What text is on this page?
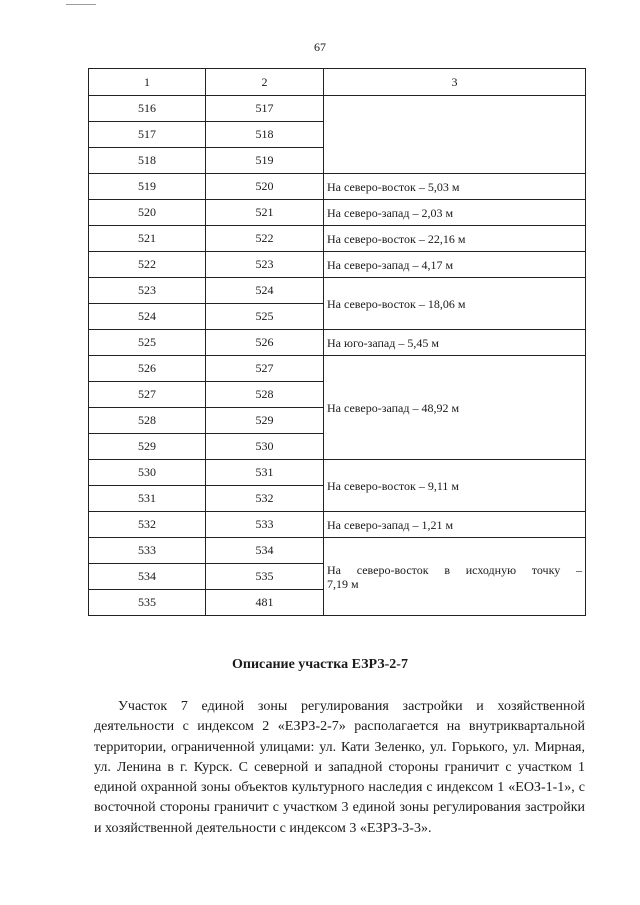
67
1	2	3
516	517	
517	518	
518	519	
519	520	На северо-восток – 5,03 м
520	521	На северо-запад – 2,03 м
521	522	На северо-восток – 22,16 м
522	523	На северо-запад – 4,17 м
523	524	На северо-восток – 18,06 м
524	525	
525	526	На юго-запад – 5,45 м
526	527	На северо-запад – 48,92 м
527	528	
528	529	
529	530	
530	531	На северо-восток – 9,11 м
531	532	
532	533	На северо-запад – 1,21 м
533	534	На северо-восток в исходную точку –
7,19 м

534	535	
535	481	
Описание участка ЕЗРЗ-2-7

Участок 7 единой зоны регулирования застройки и хозяйственной деятельности с индексом 2 «ЕЗРЗ-2-7» располагается на внутриквартальной территории, ограниченной улицами: ул. Кати Зеленко, ул. Горького, ул. Мирная, ул. Ленина в г. Курск. С северной и западной стороны граничит с участком 1 единой охранной зоны объектов культурного наследия с индексом 1 «ЕОЗ-1-1», с восточной стороны граничит с участком 3 единой зоны регулирования застройки и хозяйственной деятельности с индексом 3 «ЕЗРЗ-3-3».
